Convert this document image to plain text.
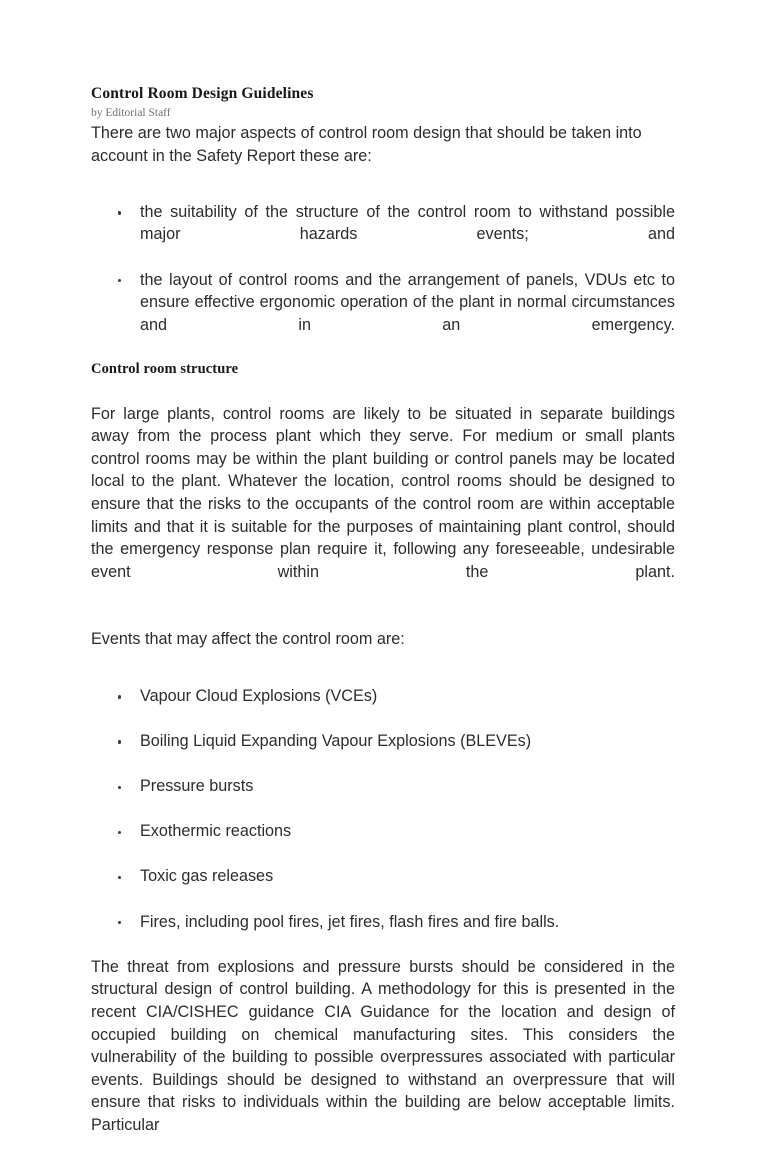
Control Room Design Guidelines
by Editorial Staff

There are two major aspects of control room design that should be taken into account in the Safety Report these are:

the suitability of the structure of the control room to withstand possible major hazards events; and
the layout of control rooms and the arrangement of panels, VDUs etc to ensure effective ergonomic operation of the plant in normal circumstances and in an emergency.
Control room structure

For large plants, control rooms are likely to be situated in separate buildings away from the process plant which they serve. For medium or small plants control rooms may be within the plant building or control panels may be located local to the plant. Whatever the location, control rooms should be designed to ensure that the risks to the occupants of the control room are within acceptable limits and that it is suitable for the purposes of maintaining plant control, should the emergency response plan require it, following any foreseeable, undesirable event within the plant.

Events that may affect the control room are:

Vapour Cloud Explosions (VCEs)
Boiling Liquid Expanding Vapour Explosions (BLEVEs)
Pressure bursts
Exothermic reactions
Toxic gas releases
Fires, including pool fires, jet fires, flash fires and fire balls.

The threat from explosions and pressure bursts should be considered in the structural design of control building. A methodology for this is presented in the recent CIA/CISHEC guidance CIA Guidance for the location and design of occupied building on chemical manufacturing sites. This considers the vulnerability of the building to possible overpressures associated with particular events. Buildings should be designed to withstand an overpressure that will ensure that risks to individuals within the building are below acceptable limits. Particular
